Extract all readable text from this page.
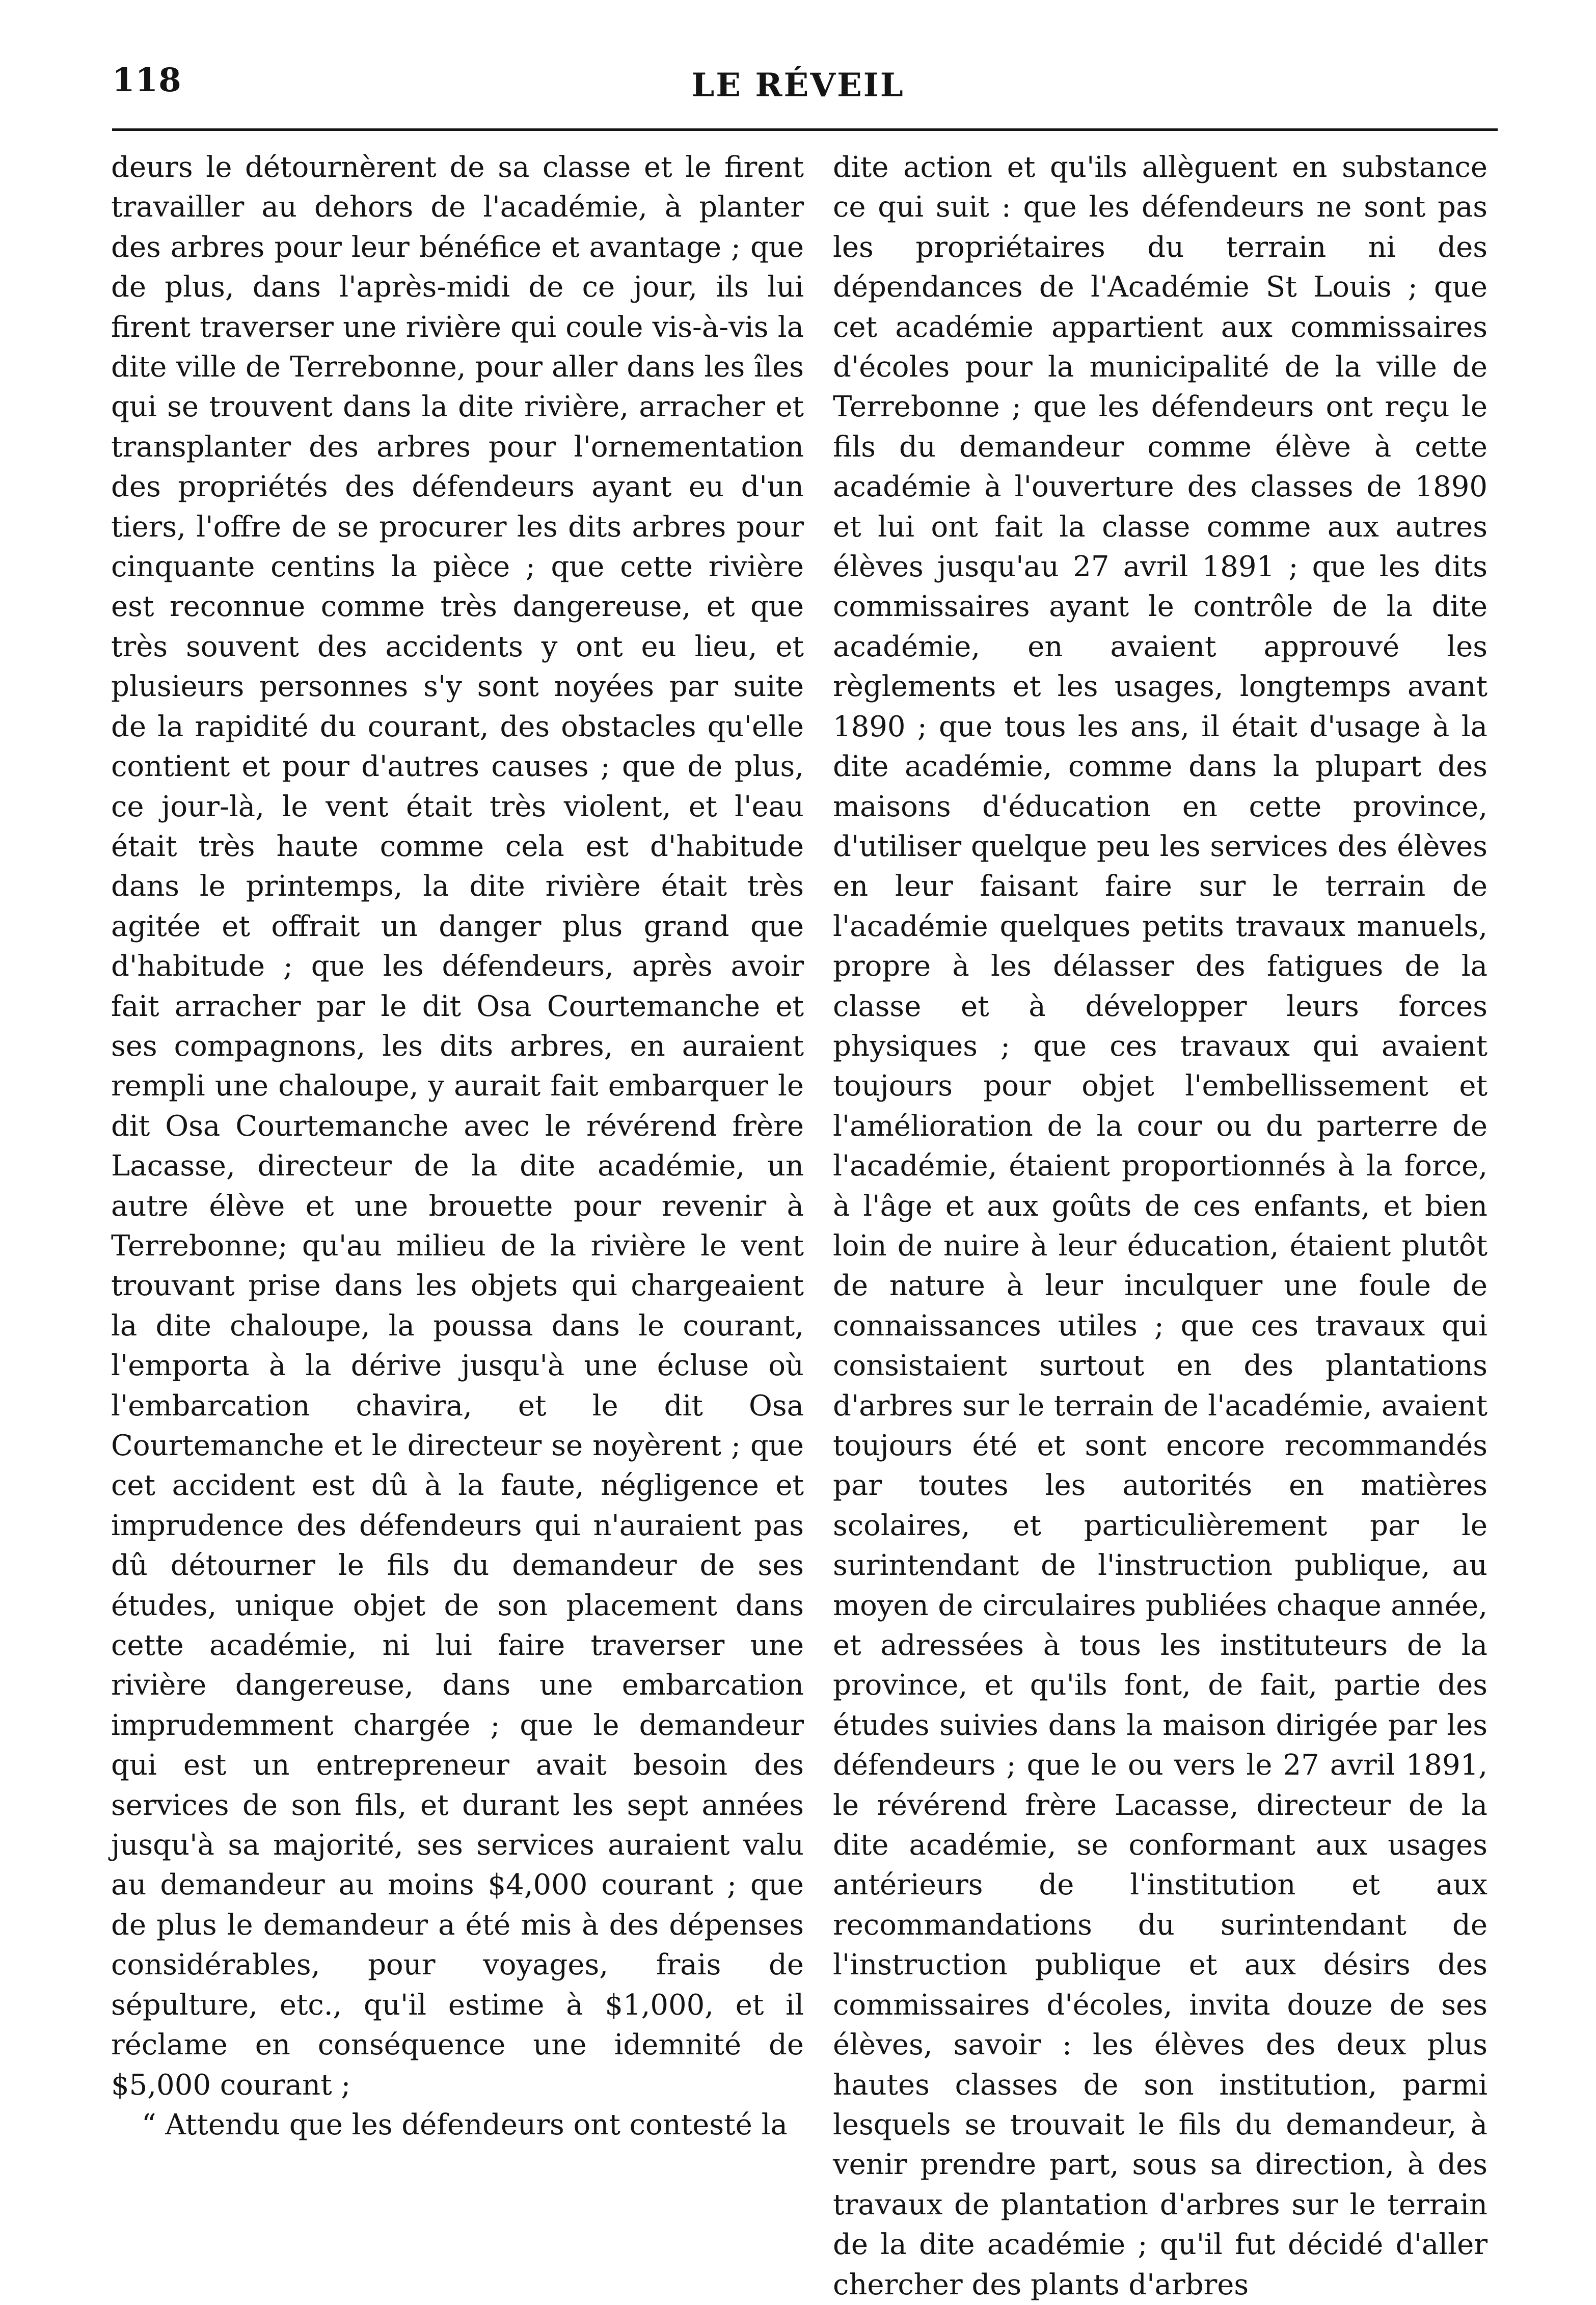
118	LE RÉVEIL

deurs le détournèrent de sa classe et le firent travailler au dehors de l'académie, à planter des arbres pour leur bénéfice et avantage ; que de plus, dans l'après-midi de ce jour, ils lui firent traverser une rivière qui coule vis-à-vis la dite ville de Terrebonne, pour aller dans les îles qui se trouvent dans la dite rivière, arracher et transplanter des arbres pour l'ornementation des propriétés des défendeurs ayant eu d'un tiers, l'offre de se procurer les dits arbres pour cinquante centins la pièce ; que cette rivière est reconnue comme très dangereuse, et que très souvent des accidents y ont eu lieu, et plusieurs personnes s'y sont noyées par suite de la rapidité du courant, des obstacles qu'elle contient et pour d'autres causes ; que de plus, ce jour-là, le vent était très violent, et l'eau était très haute comme cela est d'habitude dans le printemps, la dite rivière était très agitée et offrait un danger plus grand que d'habitude ; que les défendeurs, après avoir fait arracher par le dit Osa Courtemanche et ses compagnons, les dits arbres, en auraient rempli une chaloupe, y aurait fait embarquer le dit Osa Courtemanche avec le révérend frère Lacasse, directeur de la dite académie, un autre élève et une brouette pour revenir à Terrebonne; qu'au milieu de la rivière le vent trouvant prise dans les objets qui chargeaient la dite chaloupe, la poussa dans le courant, l'emporta à la dérive jusqu'à une écluse où l'embarcation chavira, et le dit Osa Courtemanche et le directeur se noyèrent ; que cet accident est dû à la faute, négligence et imprudence des défendeurs qui n'auraient pas dû détourner le fils du demandeur de ses études, unique objet de son placement dans cette académie, ni lui faire traverser une rivière dangereuse, dans une embarcation imprudemment chargée ; que le demandeur qui est un entrepreneur avait besoin des services de son fils, et durant les sept années jusqu'à sa majorité, ses services auraient valu au demandeur au moins $4,000 courant ; que de plus le demandeur a été mis à des dépenses considérables, pour voyages, frais de sépulture, etc., qu'il estime à $1,000, et il réclame en conséquence une idemnité de $5,000 courant ;

“ Attendu que les défendeurs ont contesté la

dite action et qu'ils allèguent en substance ce qui suit : que les défendeurs ne sont pas les propriétaires du terrain ni des dépendances de l'Académie St Louis ; que cet académie appartient aux commissaires d'écoles pour la municipalité de la ville de Terrebonne ; que les défendeurs ont reçu le fils du demandeur comme élève à cette académie à l'ouverture des classes de 1890 et lui ont fait la classe comme aux autres élèves jusqu'au 27 avril 1891 ; que les dits commissaires ayant le contrôle de la dite académie, en avaient approuvé les règlements et les usages, longtemps avant 1890 ; que tous les ans, il était d'usage à la dite académie, comme dans la plupart des maisons d'éducation en cette province, d'utiliser quelque peu les services des élèves en leur faisant faire sur le terrain de l'académie quelques petits travaux manuels, propre à les délasser des fatigues de la classe et à développer leurs forces physiques ; que ces travaux qui avaient toujours pour objet l'embellissement et l'amélioration de la cour ou du parterre de l'académie, étaient proportionnés à la force, à l'âge et aux goûts de ces enfants, et bien loin de nuire à leur éducation, étaient plutôt de nature à leur inculquer une foule de connaissances utiles ; que ces travaux qui consistaient surtout en des plantations d'arbres sur le terrain de l'académie, avaient toujours été et sont encore recommandés par toutes les autorités en matières scolaires, et particulièrement par le surintendant de l'instruction publique, au moyen de circulaires publiées chaque année, et adressées à tous les instituteurs de la province, et qu'ils font, de fait, partie des études suivies dans la maison dirigée par les défendeurs ; que le ou vers le 27 avril 1891, le révérend frère Lacasse, directeur de la dite académie, se conformant aux usages antérieurs de l'institution et aux recommandations du surintendant de l'instruction publique et aux désirs des commissaires d'écoles, invita douze de ses élèves, savoir : les élèves des deux plus hautes classes de son institution, parmi lesquels se trouvait le fils du demandeur, à venir prendre part, sous sa direction, à des travaux de plantation d'arbres sur le terrain de la dite académie ; qu'il fut décidé d'aller chercher des plants d'arbres
